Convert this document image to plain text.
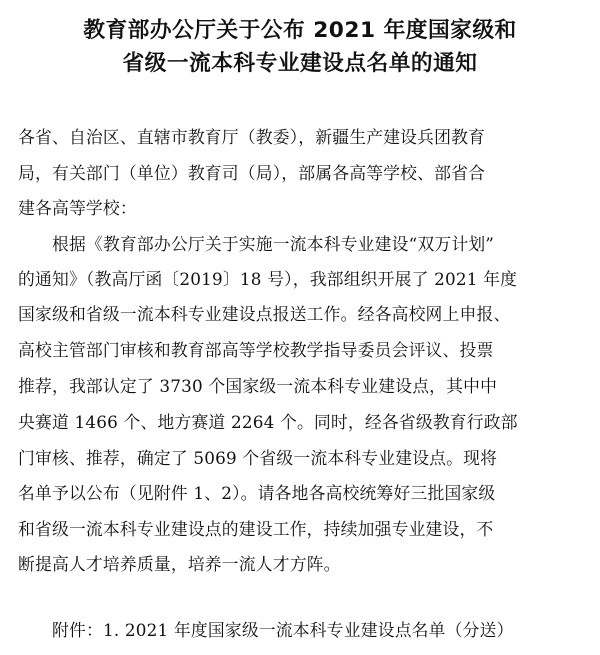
教育部办公厅关于公布 2021 年度国家级和
省级一流本科专业建设点名单的通知
各省、自治区、直辖市教育厅（教委），新疆生产建设兵团教育
局，有关部门（单位）教育司（局），部属各高等学校、部省合
建各高等学校：
根据《教育部办公厅关于实施一流本科专业建设“双万计划”
的通知》（教高厅函〔2019〕18 号），我部组织开展了 2021 年度
国家级和省级一流本科专业建设点报送工作。经各高校网上申报、
高校主管部门审核和教育部高等学校教学指导委员会评议、投票
推荐，我部认定了 3730 个国家级一流本科专业建设点，其中中
央赛道 1466 个、地方赛道 2264 个。同时，经各省级教育行政部
门审核、推荐，确定了 5069 个省级一流本科专业建设点。现将
名单予以公布（见附件 1、2）。请各地各高校统筹好三批国家级
和省级一流本科专业建设点的建设工作，持续加强专业建设，不
断提高人才培养质量，培养一流人才方阵。
附件：1. 2021 年度国家级一流本科专业建设点名单（分送）
